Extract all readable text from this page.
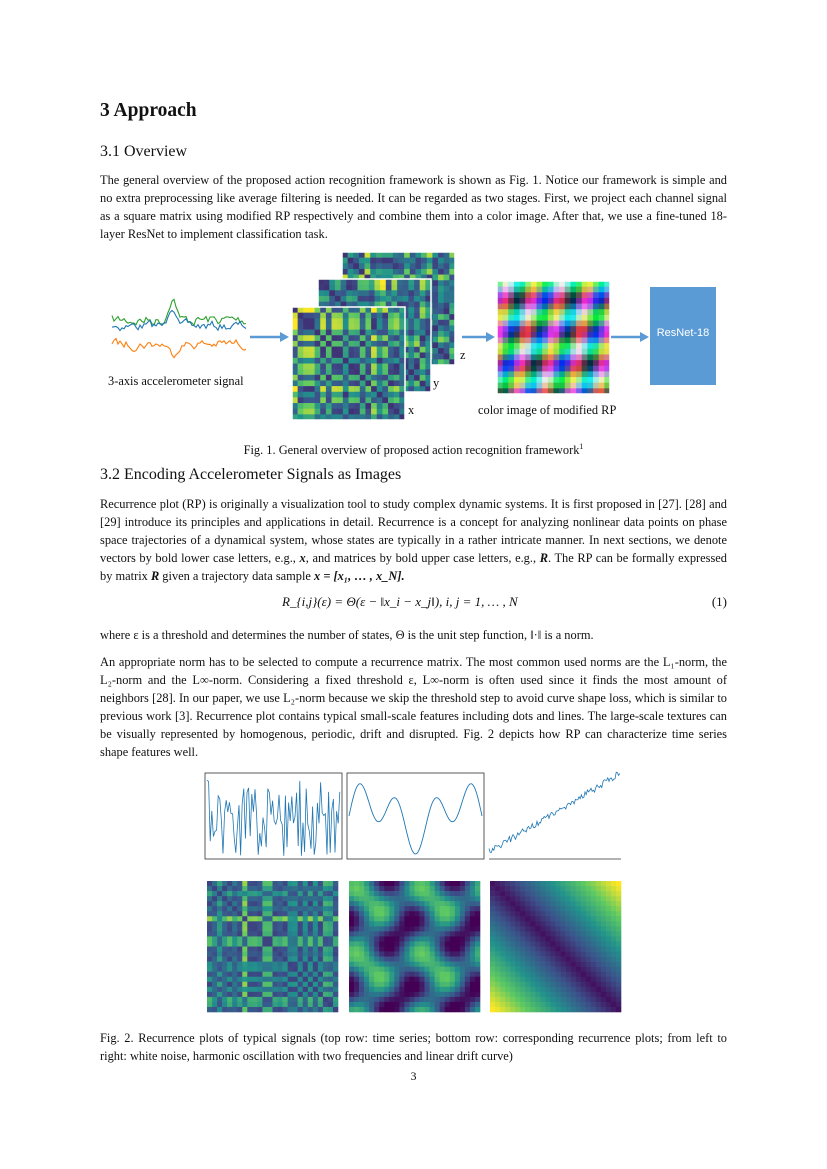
3 Approach
3.1 Overview
The general overview of the proposed action recognition framework is shown as Fig. 1. Notice our framework is simple and no extra preprocessing like average filtering is needed. It can be regarded as two stages. First, we project each channel signal as a square matrix using modified RP respectively and combine them into a color image. After that, we use a fine-tuned 18-layer ResNet to implement classification task.
ResNet-18
3-axis accelerometer signal
z
y
x	color image of modified RP
Fig. 1. General overview of proposed action recognition framework$^1$
3.2 Encoding Accelerometer Signals as Images
Recurrence plot (RP) is originally a visualization tool to study complex dynamic systems. It is first proposed in [27]. [28] and [29] introduce its principles and applications in detail. Recurrence is a concept for analyzing nonlinear data points on phase space trajectories of a dynamical system, whose states are typically in a rather intricate manner. In next sections, we denote vectors by bold lower case letters, e.g., x, and matrices by bold upper case letters, e.g., R. The RP can be formally expressed by matrix R given a trajectory data sample x = [x₁, … , x_N].
R_{i,j}(ε) = Θ(ε − ‖x_i − x_j‖), i, j = 1, … , N	(1)
where ε is a threshold and determines the number of states, Θ is the unit step function, ‖·‖ is a norm.
An appropriate norm has to be selected to compute a recurrence matrix. The most common used norms are the L₁-norm, the L₂-norm and the L∞-norm. Considering a fixed threshold ε, L∞-norm is often used since it finds the most amount of neighbors [28]. In our paper, we use L₂-norm because we skip the threshold step to avoid curve shape loss, which is similar to previous work [3]. Recurrence plot contains typical small-scale features including dots and lines. The large-scale textures can be visually represented by homogenous, periodic, drift and disrupted. Fig. 2 depicts how RP can characterize time series shape features well.
Fig. 2. Recurrence plots of typical signals (top row: time series; bottom row: corresponding recurrence plots; from left to right: white noise, harmonic oscillation with two frequencies and linear drift curve)
3
